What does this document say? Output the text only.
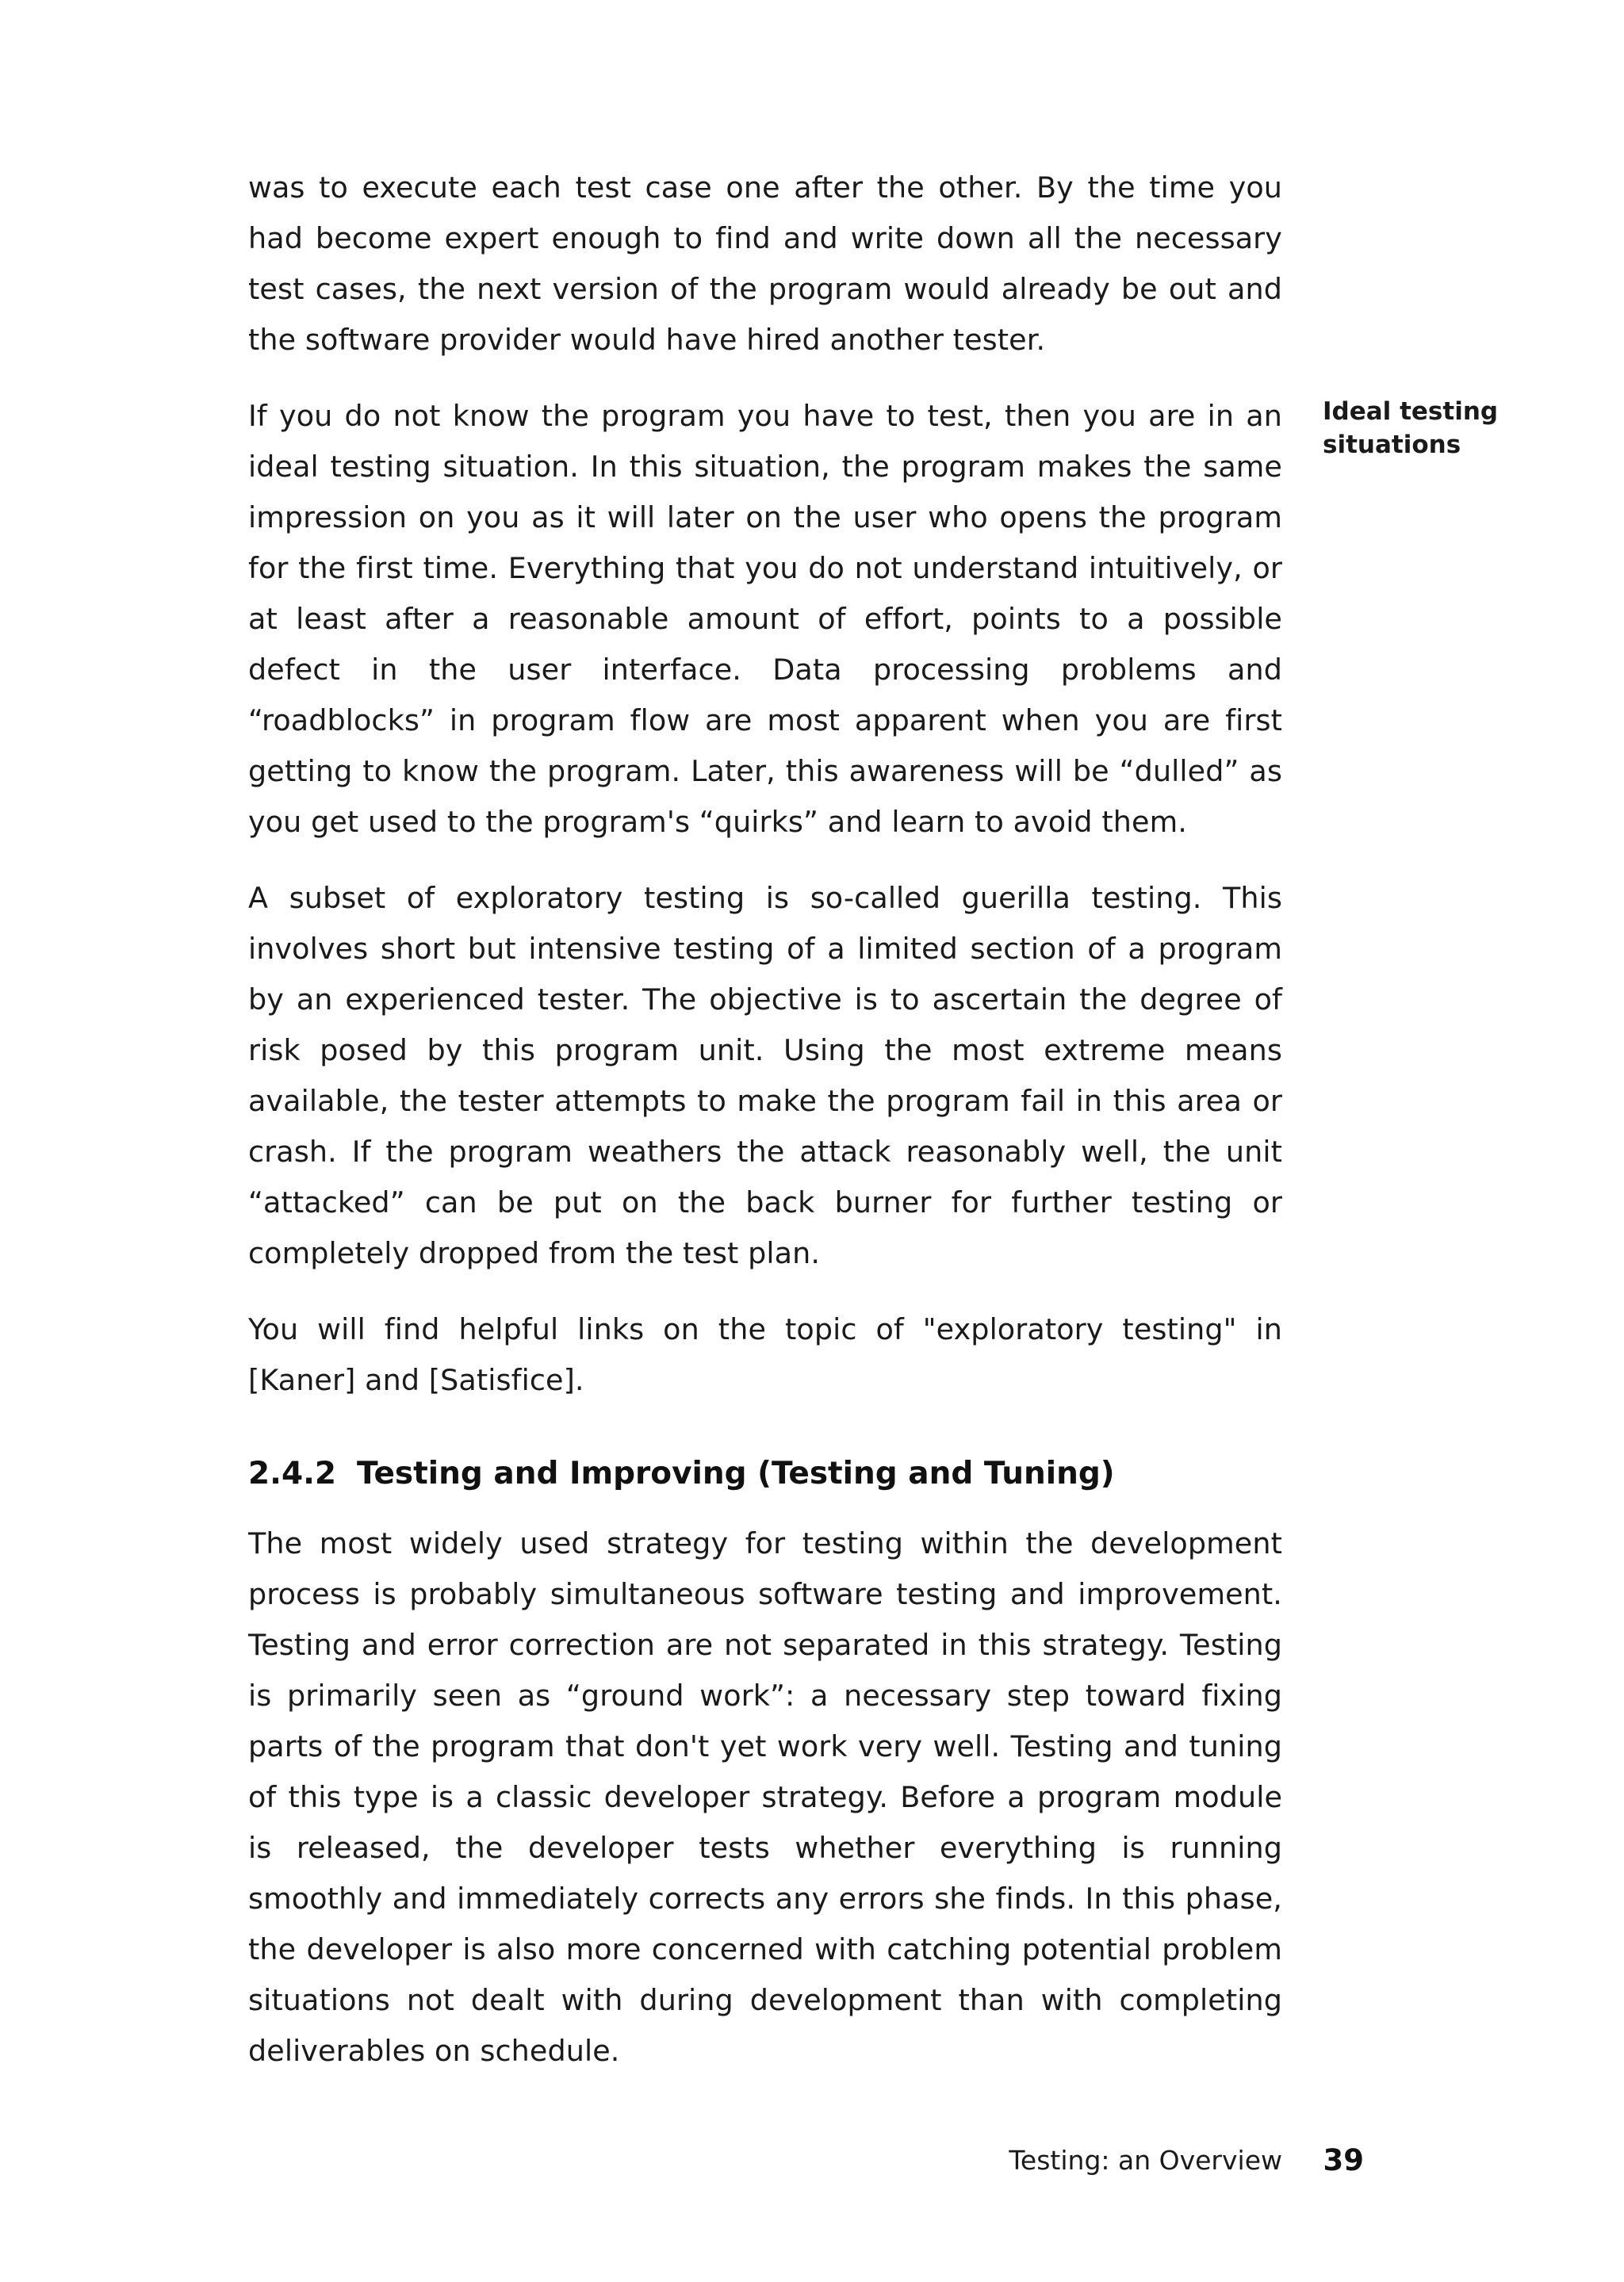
was to execute each test case one after the other. By the time you had become expert enough to find and write down all the necessary test cases, the next version of the program would already be out and the software provider would have hired another tester.

If you do not know the program you have to test, then you are in an ideal testing situation. In this situation, the program makes the same impression on you as it will later on the user who opens the program for the first time. Everything that you do not understand intuitively, or at least after a reasonable amount of effort, points to a possible defect in the user interface. Data processing problems and “roadblocks” in program flow are most apparent when you are first getting to know the program. Later, this awareness will be “dulled” as you get used to the program's “quirks” and learn to avoid them.

A subset of exploratory testing is so-called guerilla testing. This involves short but intensive testing of a limited section of a program by an experienced tester. The objective is to ascertain the degree of risk posed by this program unit. Using the most extreme means available, the tester attempts to make the program fail in this area or crash. If the program weathers the attack reasonably well, the unit “attacked” can be put on the back burner for further testing or completely dropped from the test plan.

You will find helpful links on the topic of "exploratory testing" in [Kaner] and [Satisfice].

2.4.2 Testing and Improving (Testing and Tuning)

The most widely used strategy for testing within the development process is probably simultaneous software testing and improvement. Testing and error correction are not separated in this strategy. Testing is primarily seen as “ground work”: a necessary step toward fixing parts of the program that don't yet work very well. Testing and tuning of this type is a classic developer strategy. Before a program module is released, the developer tests whether everything is running smoothly and immediately corrects any errors she finds. In this phase, the developer is also more concerned with catching potential problem situations not dealt with during development than with completing deliverables on schedule.

Ideal testing situations
Testing: an Overview 39
